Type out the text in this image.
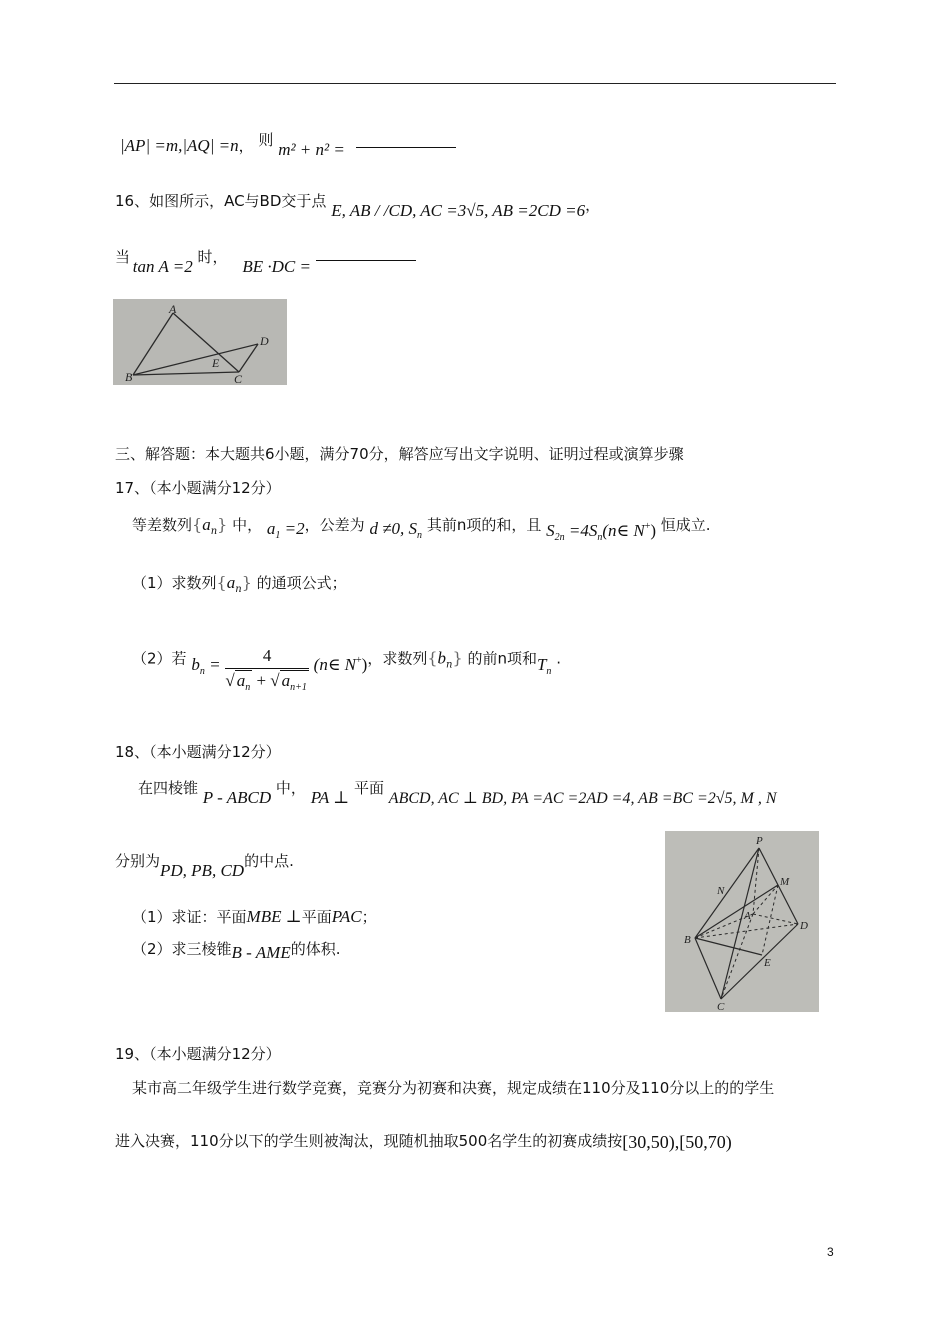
|AP| =m,|AQ| =n， 则 m² + n² =
16、如图所示，AC与BD交于点 E, AB / /CD, AC =3√5, AB =2CD =6，
当 tan A =2 时， BE ·DC =
A
B	C
D
E
三、解答题：本大题共6小题，满分70分，解答应写出文字说明、证明过程或演算步骤
17、（本小题满分12分）
等差数列$\{a_n\}$ 中， $a_1 =2$，公差为 d ≠0, $S_n$ 其前n项的和，且 $S_{2n}$ $=4S_n(n\in$ N+) 恒成立.
（1）求数列$\{a_n\}$ 的通项公式；
（2）若 $b_n = \frac{4}{√ a_n + √ a_{n+1}}$ (n∈ N+)，求数列$\{b_n\}$ 的前n项和$T_n$ .
18、（本小题满分12分）
在四棱锥 P - ABCD 中， PA ⊥ 平面 ABCD, AC ⊥ BD, PA =AC =2AD =4, AB =BC =2√5, M , N
分别为PD, PB, CD的中点.
（1）求证：平面MBE ⊥平面PAC；
（2）求三棱锥B - AME的体积.
P
M
N
A
B
D
E
C
19、（本小题满分12分）
某市高二年级学生进行数学竞赛，竞赛分为初赛和决赛，规定成绩在110分及110分以上的的学生
进入决赛，110分以下的学生则被淘汰，现随机抽取500名学生的初赛成绩按[30,50),[50,70)
3
